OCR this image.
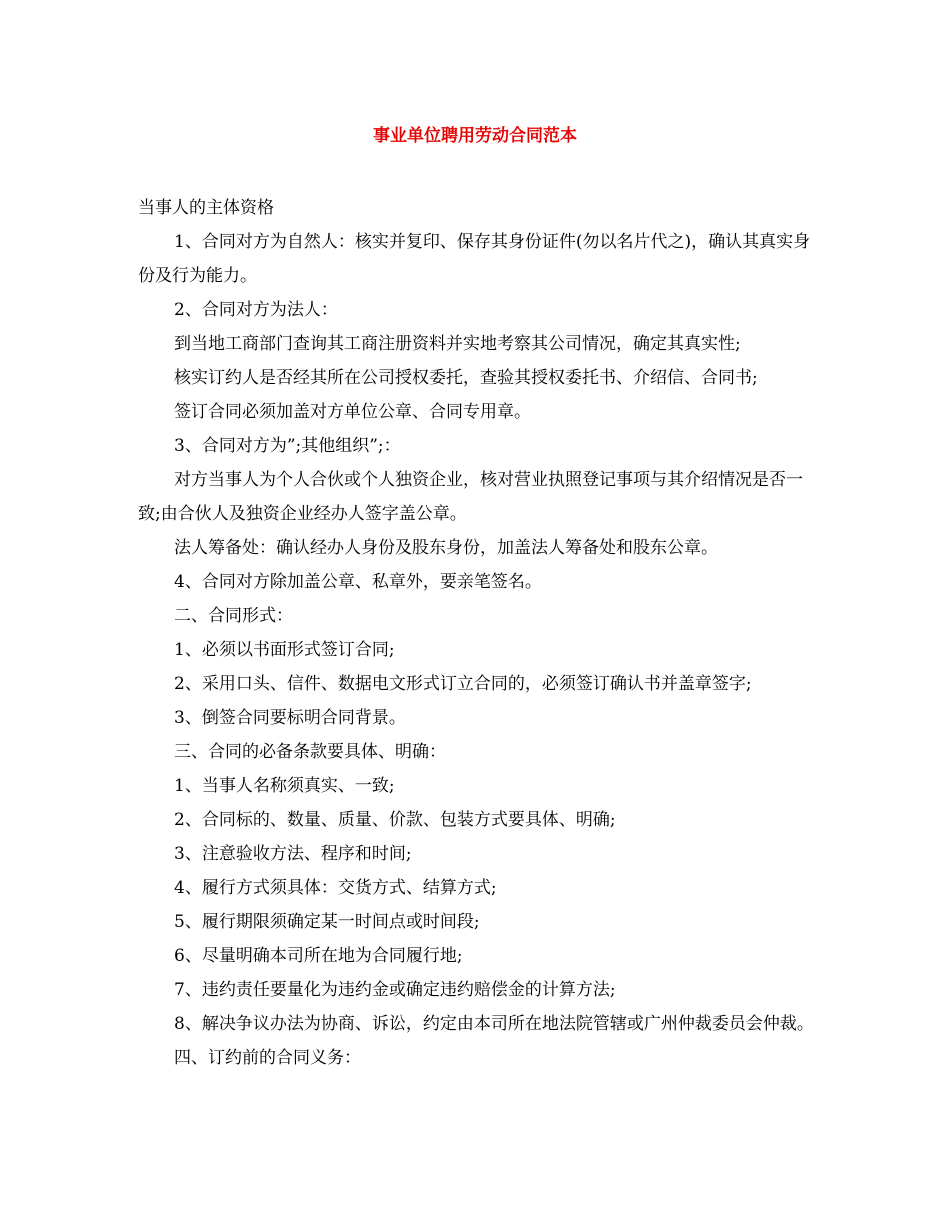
事业单位聘用劳动合同范本

当事人的主体资格

1、合同对方为自然人：核实并复印、保存其身份证件(勿以名片代之)，确认其真实身份及行为能力。

2、合同对方为法人：

到当地工商部门查询其工商注册资料并实地考察其公司情况，确定其真实性;

核实订约人是否经其所在公司授权委托，查验其授权委托书、介绍信、合同书;

签订合同必须加盖对方单位公章、合同专用章。

3、合同对方为”;其他组织”;：

对方当事人为个人合伙或个人独资企业，核对营业执照登记事项与其介绍情况是否一致;由合伙人及独资企业经办人签字盖公章。

法人筹备处：确认经办人身份及股东身份，加盖法人筹备处和股东公章。

4、合同对方除加盖公章、私章外，要亲笔签名。

二、合同形式：

1、必须以书面形式签订合同;

2、采用口头、信件、数据电文形式订立合同的，必须签订确认书并盖章签字;

3、倒签合同要标明合同背景。

三、合同的必备条款要具体、明确：

1、当事人名称须真实、一致;

2、合同标的、数量、质量、价款、包装方式要具体、明确;

3、注意验收方法、程序和时间;

4、履行方式须具体：交货方式、结算方式;

5、履行期限须确定某一时间点或时间段;

6、尽量明确本司所在地为合同履行地;

7、违约责任要量化为违约金或确定违约赔偿金的计算方法;

8、解决争议办法为协商、诉讼，约定由本司所在地法院管辖或广州仲裁委员会仲裁。

四、订约前的合同义务：
